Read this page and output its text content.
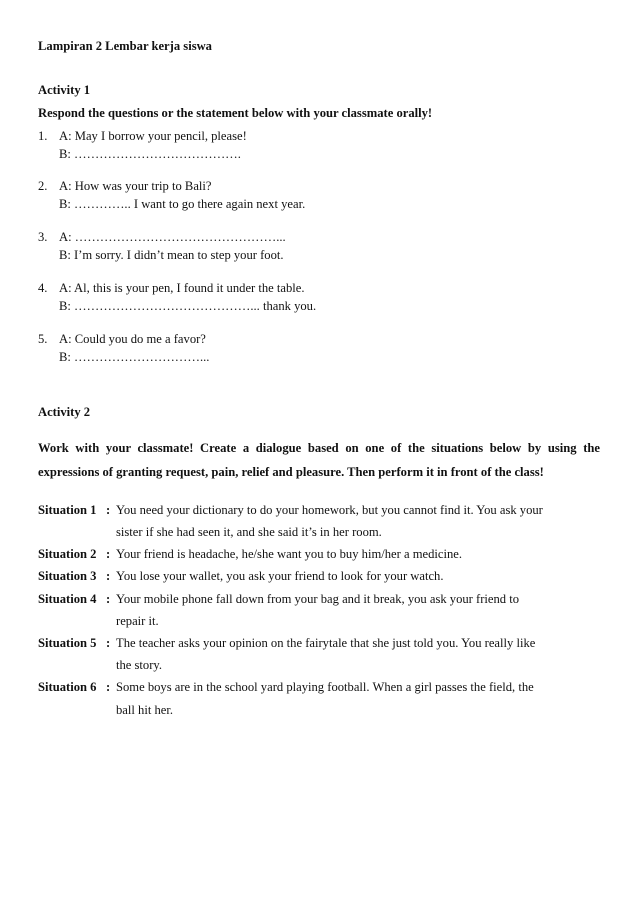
Lampiran 2 Lembar kerja siswa
Activity 1
Respond the questions or the statement below with your classmate orally!
1. A: May I borrow your pencil, please!
B: ………………………………….
2. A: How was your trip to Bali?
B: ………….. I want to go there again next year.
3. A: …………………………………………...
B: I’m sorry. I didn’t mean to step your foot.
4. A: Al, this is your pen, I found it under the table.
B: ……………………………………... thank you.
5. A: Could you do me a favor?
B: …………………………...
Activity 2
Work with your classmate! Create a dialogue based on one of the situations below by using the
expressions of granting request, pain, relief and pleasure. Then perform it in front of the class!
Situation 1 : You need your dictionary to do your homework, but you cannot find it. You ask your
sister if she had seen it, and she said it’s in her room.
Situation 2 : Your friend is headache, he/she want you to buy him/her a medicine.
Situation 3 : You lose your wallet, you ask your friend to look for your watch.
Situation 4 : Your mobile phone fall down from your bag and it break, you ask your friend to
repair it.
Situation 5 : The teacher asks your opinion on the fairytale that she just told you. You really like
the story.
Situation 6 : Some boys are in the school yard playing football. When a girl passes the field, the
ball hit her.
